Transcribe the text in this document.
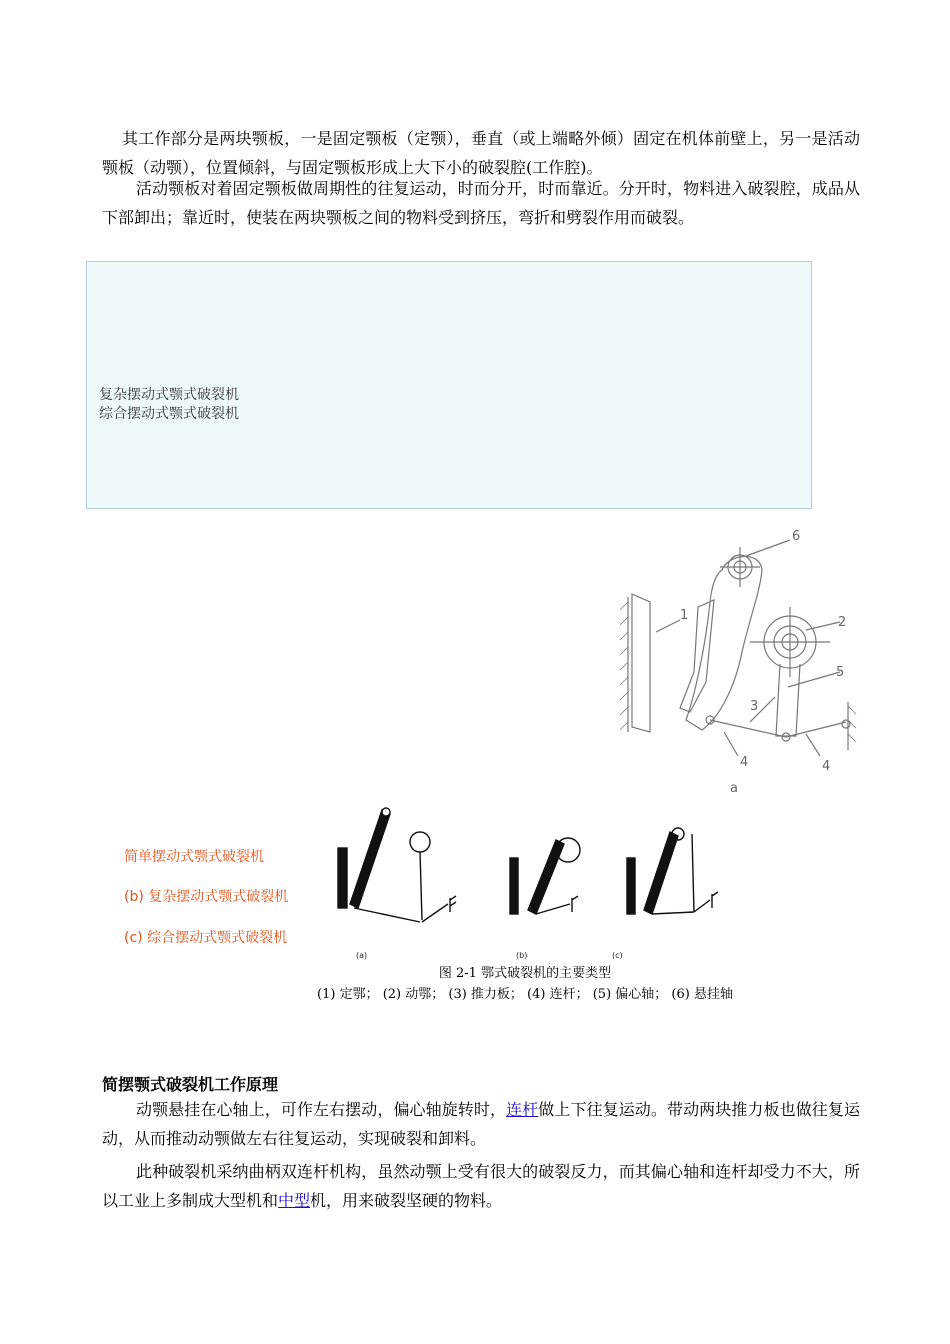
其工作部分是两块颚板，一是固定颚板（定颚），垂直（或上端略外倾）固定在机体前壁上，另一是活动颚板（动颚），位置倾斜，与固定颚板形成上大下小的破裂腔(工作腔)。

活动颚板对着固定颚板做周期性的往复运动，时而分开，时而靠近。分开时，物料进入破裂腔，成品从下部卸出；靠近时，使装在两块颚板之间的物料受到挤压，弯折和劈裂作用而破裂。

复杂摆动式颚式破裂机
综合摆动式颚式破裂机
1	2
3
4	4
5
6
a
(a)	(b)	(c)
简单摆动式颚式破裂机
(b) 复杂摆动式颚式破裂机
(c) 综合摆动式颚式破裂机
图 2-1 鄂式破裂机的主要类型
(1) 定鄂； (2) 动鄂； (3) 推力板； (4) 连杆； (5) 偏心轴； (6) 悬挂轴
简摆颚式破裂机工作原理

动颚悬挂在心轴上，可作左右摆动，偏心轴旋转时，连杆做上下往复运动。带动两块推力板也做往复运动，从而推动动颚做左右往复运动，实现破裂和卸料。

此种破裂机采纳曲柄双连杆机构，虽然动颚上受有很大的破裂反力，而其偏心轴和连杆却受力不大，所以工业上多制成大型机和中型机，用来破裂坚硬的物料。
